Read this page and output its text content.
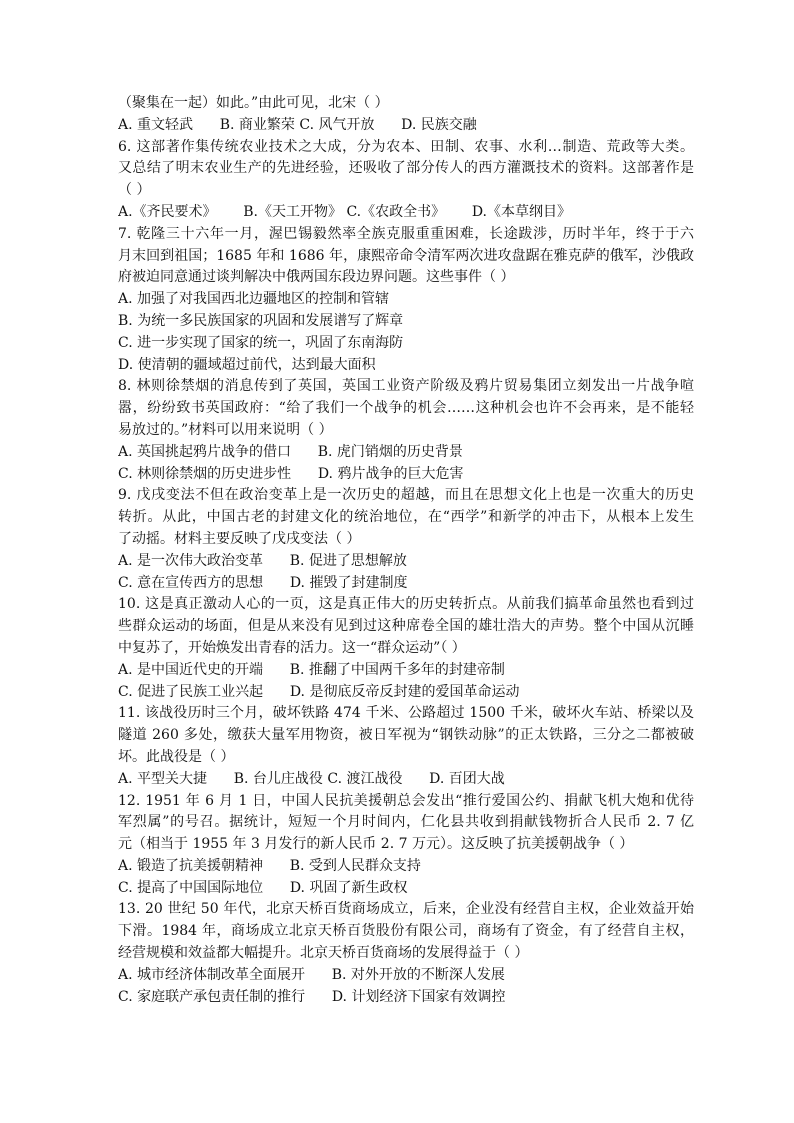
（聚集在一起）如此。”由此可见，北宋（ ）
A. 重文轻武      B. 商业繁荣 C. 风气开放      D. 民族交融
6. 这部著作集传统农业技术之大成，分为农本、田制、农事、水利…制造、荒政等大类。
又总结了明末农业生产的先进经验，还吸收了部分传人的西方灌溉技术的资料。这部著作是
（ ）
A.《齐民要术》      B.《天工开物》 C.《农政全书》      D.《本草纲目》
7. 乾隆三十六年一月，渥巴锡毅然率全族克服重重困难，长途跋涉，历时半年，终于于六
月末回到祖国；1685 年和 1686 年，康熙帝命令清军两次进攻盘踞在雅克萨的俄军，沙俄政
府被迫同意通过谈判解决中俄两国东段边界问题。这些事件（ ）
A. 加强了对我国西北边疆地区的控制和管辖
B. 为统一多民族国家的巩固和发展谱写了辉章
C. 进一步实现了国家的统一，巩固了东南海防
D. 使清朝的疆域超过前代，达到最大面积
8. 林则徐禁烟的消息传到了英国，英国工业资产阶级及鸦片贸易集团立刻发出一片战争喧
嚣，纷纷致书英国政府：“给了我们一个战争的机会……这种机会也许不会再来，是不能轻
易放过的。”材料可以用来说明（ ）
A. 英国挑起鸦片战争的借口      B. 虎门销烟的历史背景
C. 林则徐禁烟的历史进步性      D. 鸦片战争的巨大危害
9. 戊戌变法不但在政治变革上是一次历史的超越，而且在思想文化上也是一次重大的历史
转折。从此，中国古老的封建文化的统治地位，在“西学”和新学的冲击下，从根本上发生
了动摇。材料主要反映了戊戌变法（ ）
A. 是一次伟大政治变革      B. 促进了思想解放
C. 意在宣传西方的思想      D. 摧毁了封建制度
10. 这是真正激动人心的一页，这是真正伟大的历史转折点。从前我们搞革命虽然也看到过
些群众运动的场面，但是从来没有见到过这种席卷全国的雄壮浩大的声势。整个中国从沉睡
中复苏了，开始焕发出青春的活力。这一“群众运动”（ ）
A. 是中国近代史的开端      B. 推翻了中国两千多年的封建帝制
C. 促进了民族工业兴起      D. 是彻底反帝反封建的爱国革命运动
11. 该战役历时三个月，破坏铁路 474 千米、公路超过 1500 千米，破坏火车站、桥梁以及
隧道 260 多处，缴获大量军用物资，被日军视为“钢铁动脉”的正太铁路，三分之二都被破
坏。此战役是（ ）
A. 平型关大捷      B. 台儿庄战役 C. 渡江战役      D. 百团大战
12. 1951 年 6 月 1 日，中国人民抗美援朝总会发出“推行爱国公约、捐献飞机大炮和优待
军烈属”的号召。据统计，短短一个月时间内，仁化县共收到捐献钱物折合人民币 2. 7 亿
元（相当于 1955 年 3 月发行的新人民币 2. 7 万元）。这反映了抗美援朝战争（ ）
A. 锻造了抗美援朝精神      B. 受到人民群众支持
C. 提高了中国国际地位      D. 巩固了新生政权
13. 20 世纪 50 年代，北京天桥百货商场成立，后来，企业没有经营自主权，企业效益开始
下滑。1984 年，商场成立北京天桥百货股份有限公司，商场有了资金，有了经营自主权，
经营规模和效益都大幅提升。北京天桥百货商场的发展得益于（ ）
A. 城市经济体制改革全面展开      B. 对外开放的不断深人发展
C. 家庭联产承包责任制的推行      D. 计划经济下国家有效调控
